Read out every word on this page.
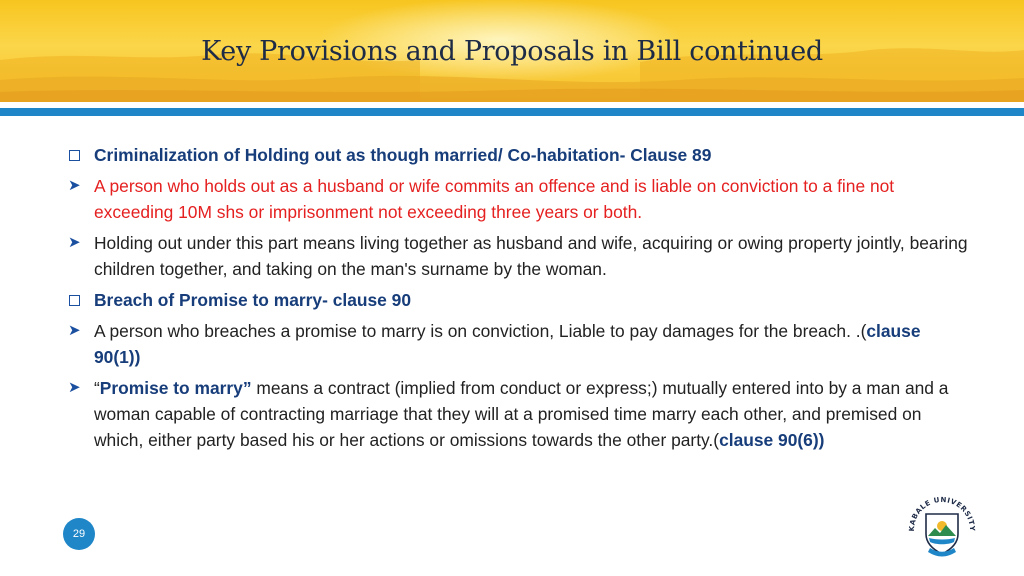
Key Provisions and Proposals in Bill continued
Criminalization of Holding out as though married/ Co-habitation- Clause 89
➤ A person who holds out as a husband or wife commits an offence and is liable on conviction to a fine not exceeding 10M shs or imprisonment not exceeding three years or both.
➤ Holding out under this part means living together as husband and wife, acquiring or owing property jointly, bearing children together, and taking on the man's surname by the woman.
Breach of Promise to marry- clause 90
➤ A person who breaches a promise to marry is on conviction, Liable to pay damages for the breach. .(clause 90(1))
➤ “Promise to marry” means a contract (implied from conduct or express;) mutually entered into by a man and a woman capable of contracting marriage that they will at a promised time marry each other, and premised on which, either party based his or her actions or omissions towards the other party.(clause 90(6))
29	KABALE UNIVERSITY
